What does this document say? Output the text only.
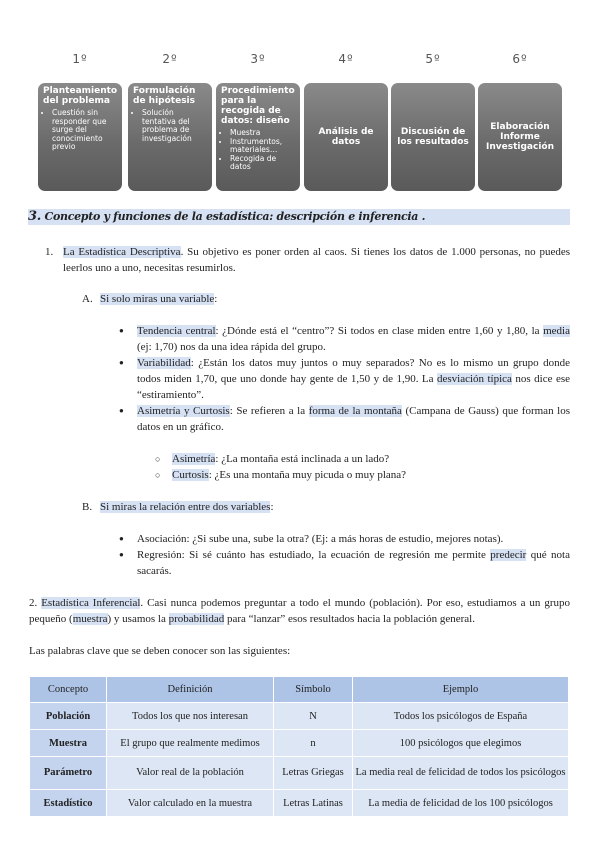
1º	2º	3º	4º	5º	6º
Planteamiento del problema
• Cuestión sin responder que surge del conocimiento previo
Formulación de hipótesis
• Solución tentativa del problema de investigación
Procedimiento para la recogida de datos: diseño
• Muestra
• Instrumentos, materiales…
• Recogida de datos
Análisis de datos
Discusión de los resultados
Elaboración Informe Investigación
3. Concepto y funciones de la estadística: descripción e inferencia .
1. La Estadística Descriptiva. Su objetivo es poner orden al caos. Si tienes los datos de 1.000 personas, no puedes leerlos uno a uno, necesitas resumirlos.
A. Si solo miras una variable:
● Tendencia central: ¿Dónde está el “centro”? Si todos en clase miden entre 1,60 y 1,80, la media (ej: 1,70) nos da una idea rápida del grupo.
● Variabilidad: ¿Están los datos muy juntos o muy separados? No es lo mismo un grupo donde todos miden 1,70, que uno donde hay gente de 1,50 y de 1,90. La desviación típica nos dice ese “estiramiento”.
● Asimetría y Curtosis: Se refieren a la forma de la montaña (Campana de Gauss) que forman los datos en un gráfico.
○ Asimetría: ¿La montaña está inclinada a un lado?
○ Curtosis: ¿Es una montaña muy picuda o muy plana?
B. Si miras la relación entre dos variables:
● Asociación: ¿Si sube una, sube la otra? (Ej: a más horas de estudio, mejores notas).
● Regresión: Si sé cuánto has estudiado, la ecuación de regresión me permite predecir qué nota sacarás.
2. Estadística Inferencial. Casi nunca podemos preguntar a todo el mundo (población). Por eso, estudiamos a un grupo pequeño (muestra) y usamos la probabilidad para “lanzar” esos resultados hacia la población general.
Las palabras clave que se deben conocer son las siguientes:
Concepto	Definición	Símbolo	Ejemplo
Población	Todos los que nos interesan	N	Todos los psicólogos de España
Muestra	El grupo que realmente medimos	n	100 psicólogos que elegimos
Parámetro	Valor real de la población	Letras Griegas	La media real de felicidad de todos los psicólogos
Estadístico	Valor calculado en la muestra	Letras Latinas	La media de felicidad de los 100 psicólogos
